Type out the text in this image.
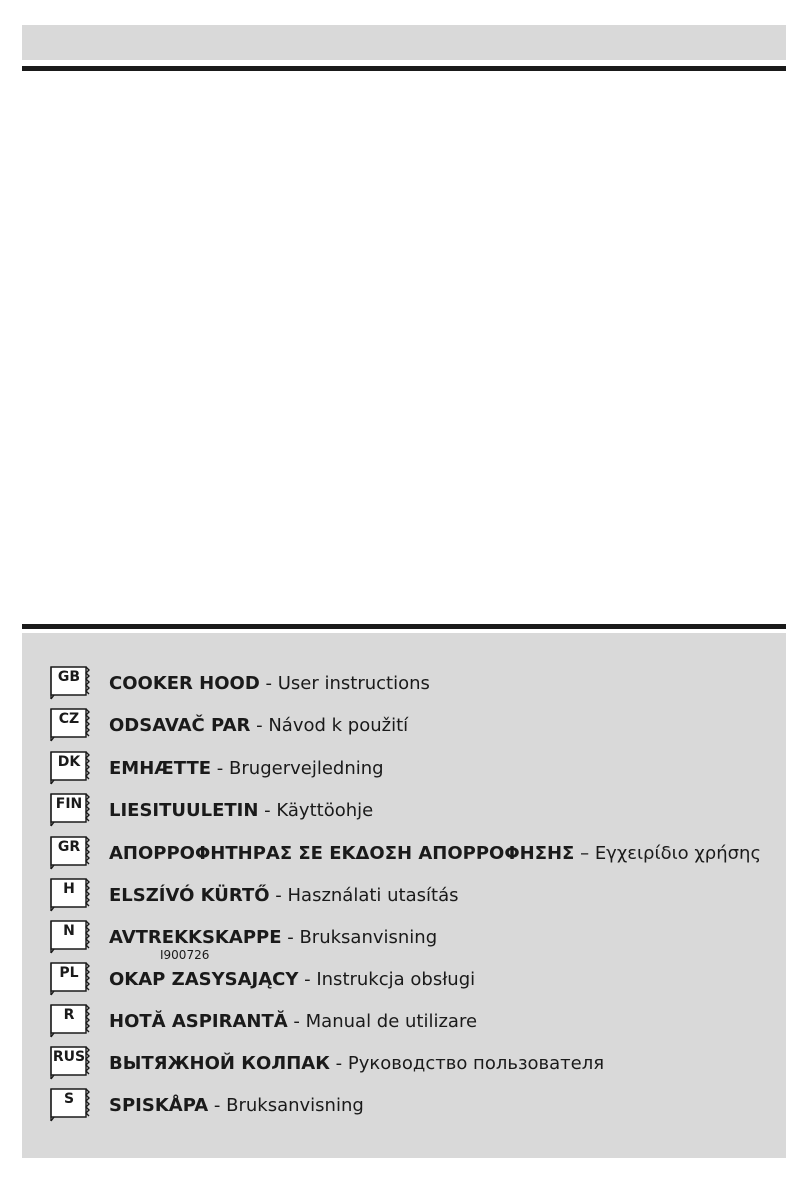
GB	COOKER HOOD - User instructions
CZ	ODSAVAČ PAR - Návod k použití
DK	EMHÆTTE - Brugervejledning
FIN	LIESITUULETIN - Käyttöohje
GR	ΑΠΟΡΡΟΦΗΤΗΡΑΣ ΣΕ ΕΚΔΟΣΗ ΑΠΟΡΡΟΦΗΣΗΣ – Εγχειρίδιο χρήσης
H	ELSZÍVÓ KÜRTŐ - Használati utasítás
N	AVTREKKSKAPPE - Bruksanvisning
PL	OKAP ZASYSAJĄCY - Instrukcja obsługi
R	HOTĂ ASPIRANTĂ - Manual de utilizare
RUS ВЫТЯЖНОЙ КОЛПАК - Руководство пользователя
S	SPISKÅPA - Bruksanvisning
I900726
